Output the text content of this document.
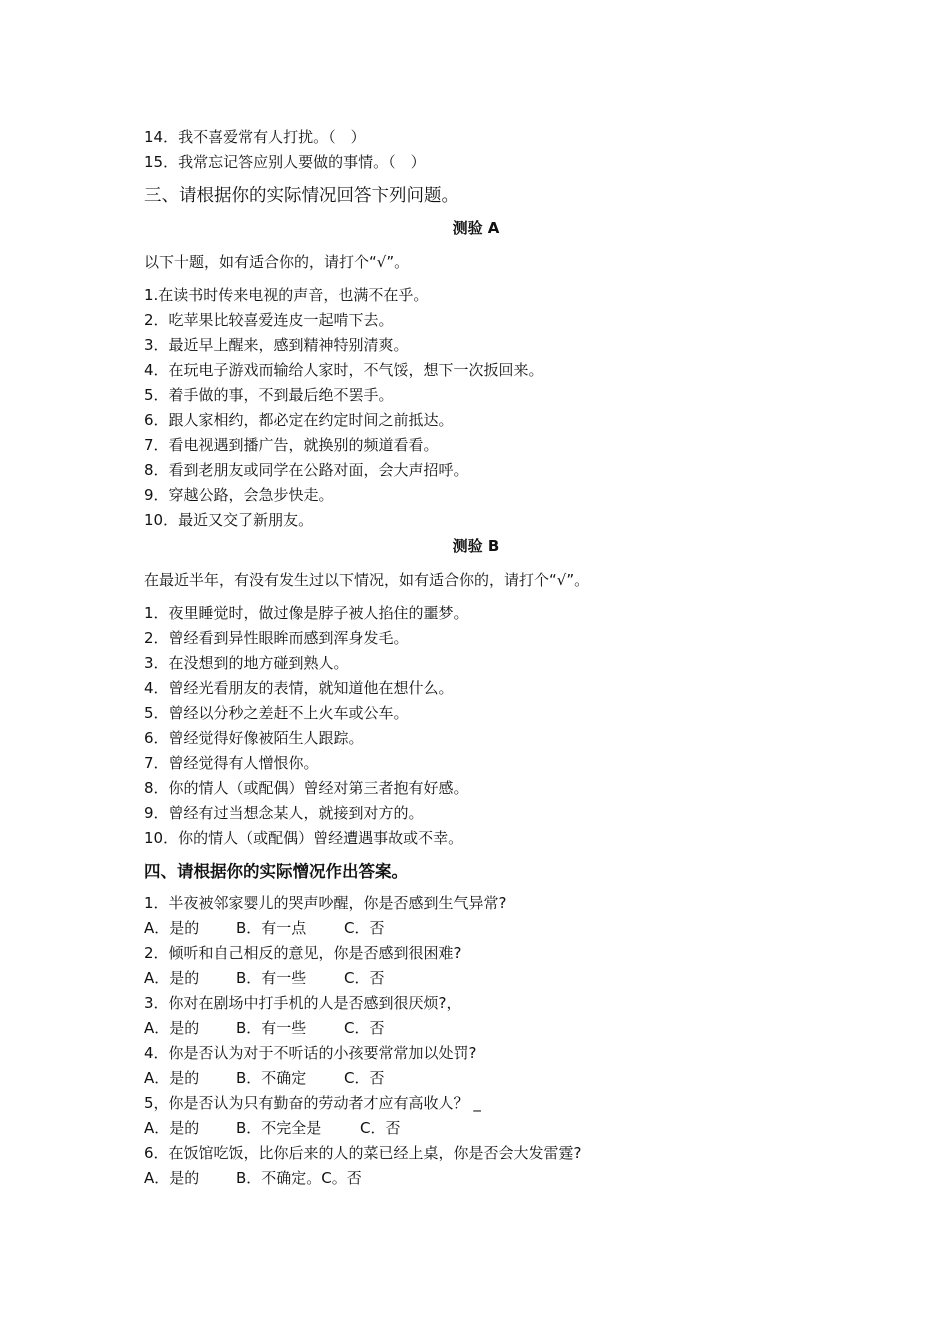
14．我不喜爱常有人打扰。（　）
15．我常忘记答应别人要做的事情。（　）
三、请根据你的实际情况回答卞列问题。
测验 A
以下十题，如有适合你的，请打个“√”。
1.在读书时传来电视的声音，也满不在乎。
2．吃苹果比较喜爱连皮一起啃下去。
3．最近早上醒来，感到精神特别清爽。
4．在玩电子游戏而输给人家时，不气馁，想下一次扳回来。
5．着手做的事，不到最后绝不罢手。
6．跟人家相约，都必定在约定时间之前抵达。
7．看电视遇到播广告，就换别的频道看看。
8．看到老朋友或同学在公路对面，会大声招呼。
9．穿越公路，会急步快走。
10．最近又交了新朋友。
测验 B
在最近半年，有没有发生过以下情况，如有适合你的，请打个“√”。
1．夜里睡觉时，做过像是脖子被人掐住的噩梦。
2．曾经看到异性眼眸而感到浑身发毛。
3．在没想到的地方碰到熟人。
4．曾经光看朋友的表情，就知道他在想什么。
5．曾经以分秒之差赶不上火车或公车。
6．曾经觉得好像被陌生人跟踪。
7．曾经觉得有人憎恨你。
8．你的情人（或配偶）曾经对第三者抱有好感。
9．曾经有过当想念某人，就接到对方的。
10．你的情人（或配偶）曾经遭遇事故或不幸。
四、请根据你的实际憎况作出答案。
1．半夜被邻家婴儿的哭声吵醒，你是否感到生气异常?
A．是的 B．有一点	C．否
2．倾听和自己相反的意见，你是否感到很困难?
A．是的 B．有一些	C．否
3．你对在剧场中打手机的人是否感到很厌烦?，
A．是的 B．有一些	C．否
4．你是否认为对于不听话的小孩要常常加以处罚?
A．是的 B．不确定	C．否
5，你是否认为只有勤奋的劳动者才应有高收人？ _
A．是的 B．不完全是	C．否
6．在饭馆吃饭，比你后来的人的菜已经上桌，你是否会大发雷霆?
A．是的 B．不确定。C。否
